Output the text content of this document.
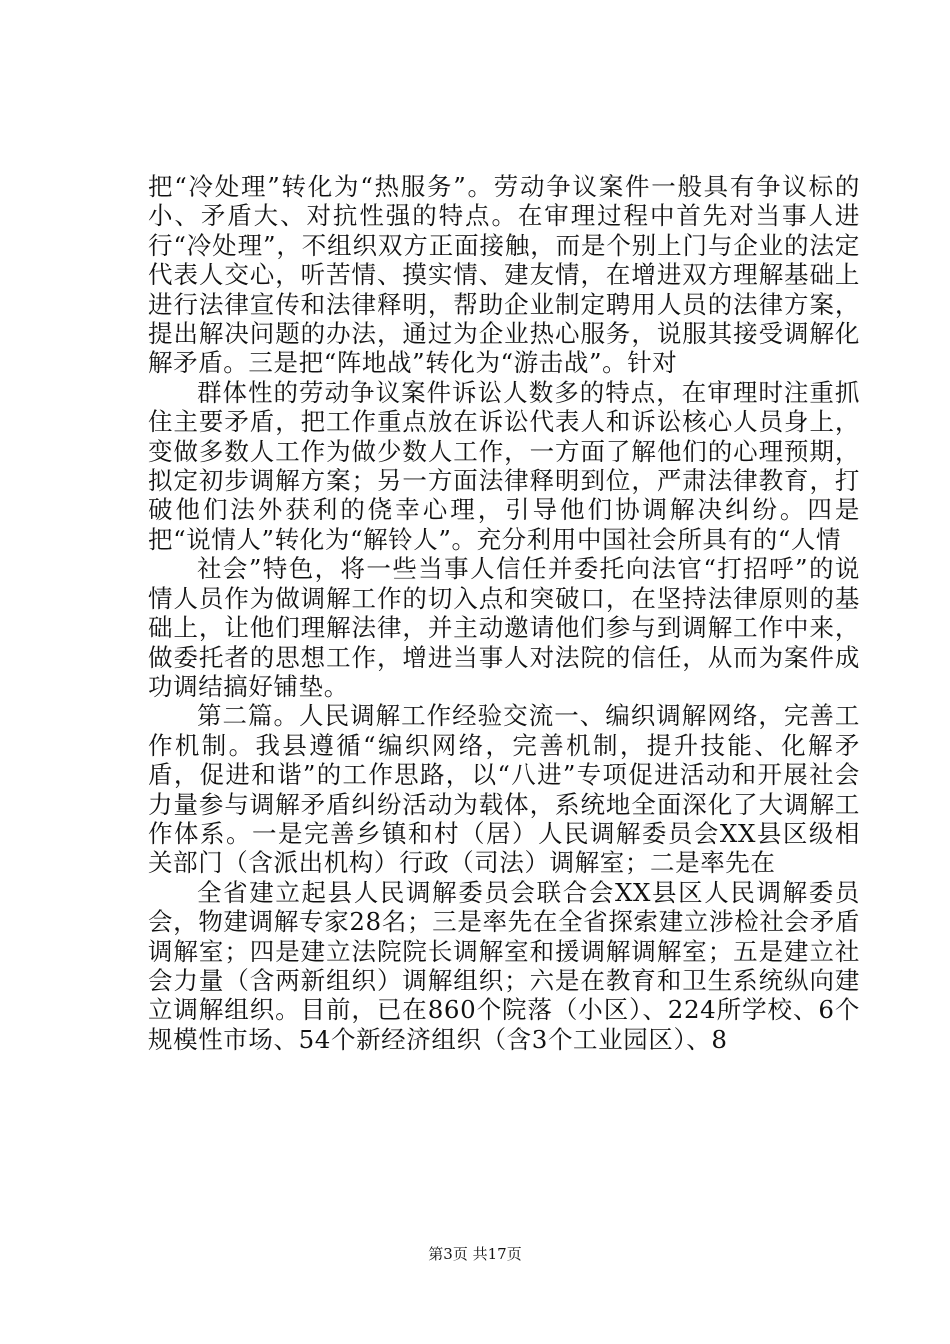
把“冷处理”转化为“热服务”。劳动争议案件一般具有争议标的小、矛盾大、对抗性强的特点。在审理过程中首先对当事人进行“冷处理”，不组织双方正面接触，而是个别上门与企业的法定代表人交心，听苦情、摸实情、建友情，在增进双方理解基础上进行法律宣传和法律释明，帮助企业制定聘用人员的法律方案，提出解决问题的办法，通过为企业热心服务，说服其接受调解化解矛盾。三是把“阵地战”转化为“游击战”。针对

群体性的劳动争议案件诉讼人数多的特点，在审理时注重抓住主要矛盾，把工作重点放在诉讼代表人和诉讼核心人员身上，变做多数人工作为做少数人工作，一方面了解他们的心理预期，拟定初步调解方案；另一方面法律释明到位，严肃法律教育，打破他们法外获利的侥幸心理，引导他们协调解决纠纷。四是把“说情人”转化为“解铃人”。充分利用中国社会所具有的“人情

社会”特色，将一些当事人信任并委托向法官“打招呼”的说情人员作为做调解工作的切入点和突破口，在坚持法律原则的基础上，让他们理解法律，并主动邀请他们参与到调解工作中来，做委托者的思想工作，增进当事人对法院的信任，从而为案件成功调结搞好铺垫。

第二篇。人民调解工作经验交流一、编织调解网络，完善工作机制。我县遵循“编织网络，完善机制，提升技能、化解矛盾，促进和谐”的工作思路，以“八进”专项促进活动和开展社会力量参与调解矛盾纠纷活动为载体，系统地全面深化了大调解工作体系。一是完善乡镇和村（居）人民调解委员会XX县区级相关部门（含派出机构）行政（司法）调解室；二是率先在

全省建立起县人民调解委员会联合会XX县区人民调解委员会，物建调解专家28名；三是率先在全省探索建立涉检社会矛盾调解室；四是建立法院院长调解室和援调解调解室；五是建立社会力量（含两新组织）调解组织；六是在教育和卫生系统纵向建立调解组织。目前，已在860个院落（小区）、224所学校、6个规模性市场、54个新经济组织（含3个工业园区）、8

第3页 共17页
